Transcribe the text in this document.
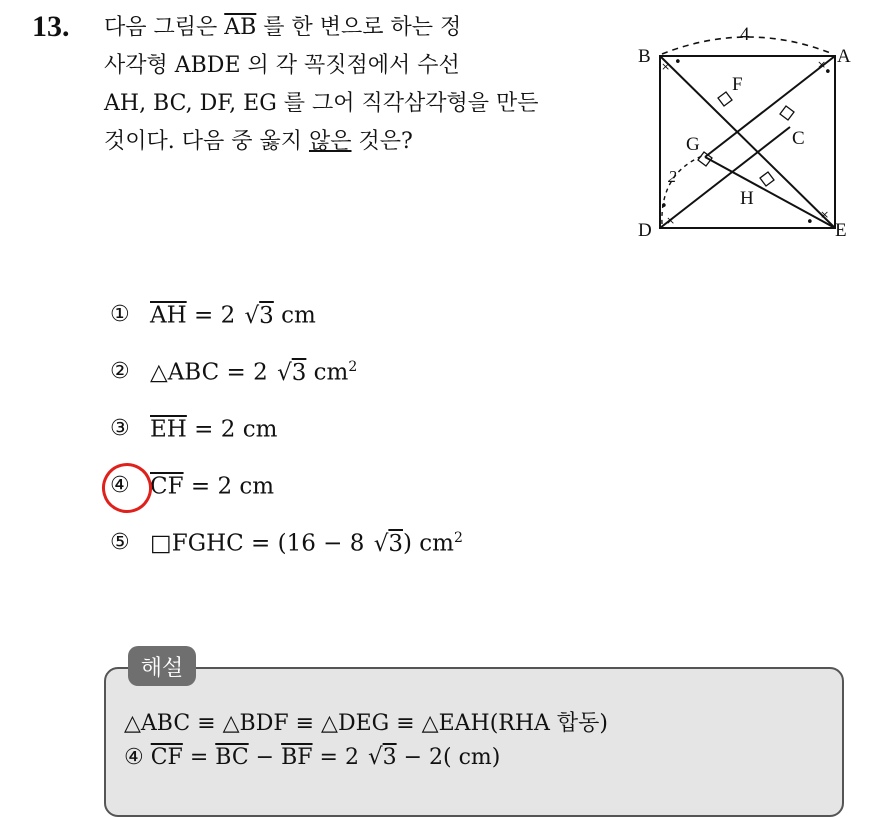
13. 다음 그림은 $\overline{AB}$ 를 한 변으로 하는 정
사각형 ABDE 의 각 꼭짓점에서 수선
AH, BC, DF, EG 를 그어 직각삼각형을 만든
것이다. 다음 중 옳지 않은 것은?
B	A
D	E
F
C
G
H
4
2
×	×
×	×
•
•
•
•
① $\overline{AH} = 2$ √3 cm
② △ABC = 2 √3 $cm^2$
③ $\overline{EH} = 2$ cm
④ $\overline{CF} = 2$ cm
⑤ □FGHC = (16 − 8 √3) $cm^2$
해설
△ABC ≡ △BDF ≡ △DEG ≡ △EAH(RHA 합동)
④ $\overline{CF} = \overline{BC} - \overline{BF} = 2$ √3 − 2( cm)
